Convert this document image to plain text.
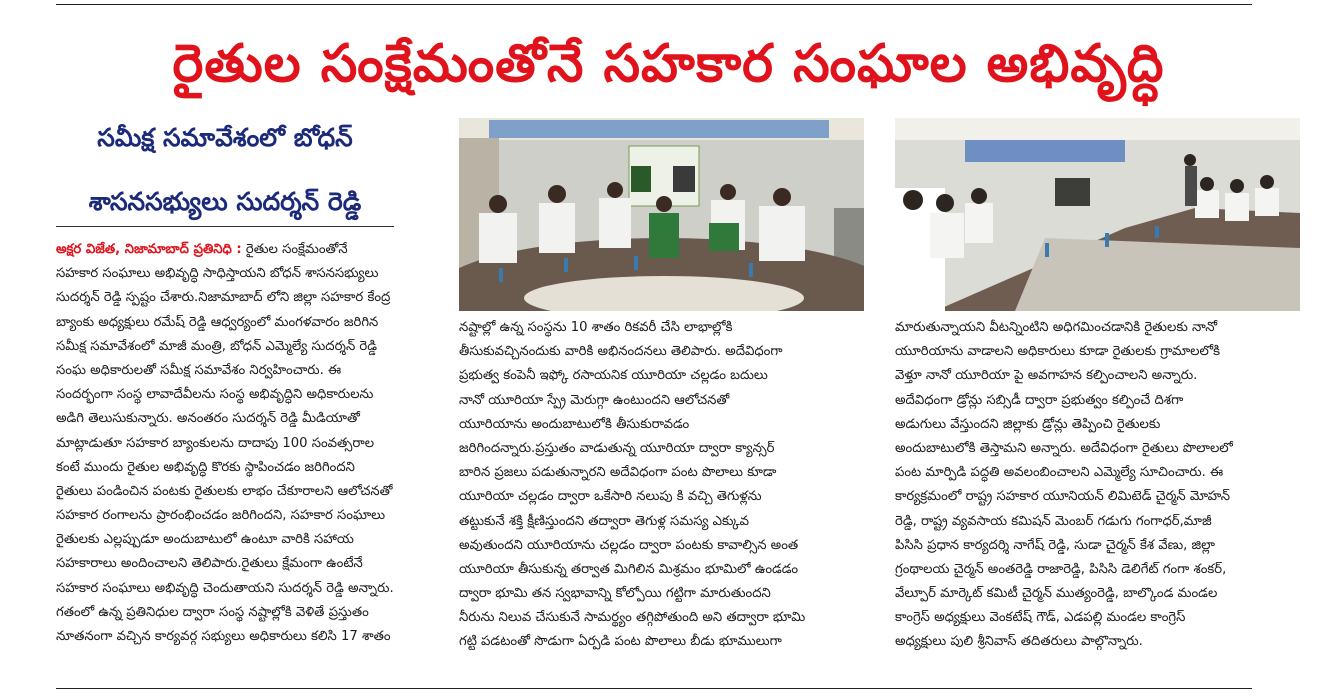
రైతుల సంక్షేమంతోనే సహకార సంఘాల అభివృద్ధి
సమీక్ష సమావేశంలో బోధన్
శాసనసభ్యులు సుదర్శన్ రెడ్డి
అక్షర విజేత, నిజామాబాద్ ప్రతినిధి : రైతుల సంక్షేమంతోనే
సహకార సంఘాలు అభివృద్ధి సాధిస్తాయని బోధన్ శాసనసభ్యులు
సుదర్శన్ రెడ్డి స్పష్టం చేశారు.నిజామాబాద్ లోని జిల్లా సహకార కేంద్ర
బ్యాంకు అధ్యక్షులు రమేష్ రెడ్డి ఆధ్వర్యంలో మంగళవారం జరిగిన
సమీక్ష సమావేశంలో మాజీ మంత్రి, బోధన్ ఎమ్మెల్యే సుదర్శన్ రెడ్డి
సంఘ అధికారులతో సమీక్ష సమావేశం నిర్వహించారు. ఈ
సందర్భంగా సంస్థ లావాదేవీలను సంస్థ అభివృద్ధిని అధికారులను
అడిగి తెలుసుకున్నారు. అనంతరం సుదర్శన్ రెడ్డి మీడియాతో
మాట్లాడుతూ సహకార బ్యాంకులను దాదాపు 100 సంవత్సరాల
కంటే ముందు రైతుల అభివృద్ధి కొరకు స్థాపించడం జరిగిందని
రైతులు పండించిన పంటకు రైతులకు లాభం చేకూరాలని ఆలోచనతో
సహకార రంగాలను ప్రారంభించడం జరిగిందని, సహకార సంఘాలు
రైతులకు ఎల్లప్పుడూ అందుబాటులో ఉంటూ వారికి సహాయ
సహకారాలు అందించాలని తెలిపారు.రైతులు క్షేమంగా ఉంటేనే
సహకార సంఘాలు అభివృద్ధి చెందుతాయని సుదర్శన్ రెడ్డి అన్నారు.
గతంలో ఉన్న ప్రతినిధుల ద్వారా సంస్థ నష్టాల్లోకి వెళితే ప్రస్తుతం
నూతనంగా వచ్చిన కార్యవర్గ సభ్యులు అధికారులు కలిసి 17 శాతం
నష్టాల్లో ఉన్న సంస్థను 10 శాతం రికవరీ చేసి లాభాల్లోకి
తీసుకువచ్చినందుకు వారికి అభినందనలు తెలిపారు. అదేవిధంగా
ప్రభుత్వ కంపెనీ ఇఫ్కో రసాయనిక యూరియా చల్లడం బదులు
నానో యూరియా స్ప్రే మెరుగ్గా ఉంటుందని ఆలోచనతో
యూరియాను అందుబాటులోకి తీసుకురావడం
జరిగిందన్నారు.ప్రస్తుతం వాడుతున్న యూరియా ద్వారా క్యాన్సర్
బారిన ప్రజలు పడుతున్నారని అదేవిధంగా పంట పొలాలు కూడా
యూరియా చల్లడం ద్వారా ఒకేసారి నలుపు కి వచ్చి తెగుళ్లను
తట్టుకునే శక్తి క్షీణిస్తుందని తద్వారా తెగుళ్ల సమస్య ఎక్కువ
అవుతుందని యూరియాను చల్లడం ద్వారా పంటకు కావాల్సిన అంత
యూరియా తీసుకున్న తర్వాత మిగిలిన మిశ్రమం భూమిలో ఉండడం
ద్వారా భూమి తన స్వభావాన్ని కోల్పోయి గట్టిగా మారుతుందని
నీరును నిలువ చేసుకునే సామర్థ్యం తగ్గిపోతుంది అని తద్వారా భూమి
గట్టి పడటంతో సొడుగా ఏర్పడి పంట పొలాలు బీడు భూములుగా
మారుతున్నాయని వీటన్నింటిని అధిగమించడానికి రైతులకు నానో
యూరియాను వాడాలని అధికారులు కూడా రైతులకు గ్రామాలలోకి
వెళ్తూ నానో యూరియా పై అవగాహన కల్పించాలని అన్నారు.
అదేవిధంగా డ్రోన్లు సబ్సిడీ ద్వారా ప్రభుత్వం కల్పించే దిశగా
అడుగులు వేస్తుందని జిల్లాకు డ్రోన్లు తెప్పించి రైతులకు
అందుబాటులోకి తెస్తామని అన్నారు. అదేవిధంగా రైతులు పొలాలలో
పంట మార్పిడి పద్ధతి అవలంబించాలని ఎమ్మెల్యే సూచించారు. ఈ
కార్యక్రమంలో రాష్ట్ర సహకార యూనియన్ లిమిటెడ్ చైర్మన్ మోహన్
రెడ్డి, రాష్ట్ర వ్యవసాయ కమిషన్ మెంబర్ గడుగు గంగాధర్,మాజీ
పిసిసి ప్రధాన కార్యదర్శి నాగేష్ రెడ్డి, సుడా చైర్మన్ కేశ వేణు, జిల్లా
గ్రంథాలయ చైర్మన్ అంతరెడ్డి రాజారెడ్డి, పిసిసి డెలిగేట్ గంగా శంకర్,
వేల్పూర్ మార్కెట్ కమిటీ చైర్మన్ ముత్యంరెడ్డి, బాల్కొండ మండల
కాంగ్రెస్ అధ్యక్షులు వెంకటేష్ గౌడ్, ఎడపల్లి మండల కాంగ్రెస్
అధ్యక్షులు పులి శ్రీనివాస్ తదితరులు పాల్గొన్నారు.
